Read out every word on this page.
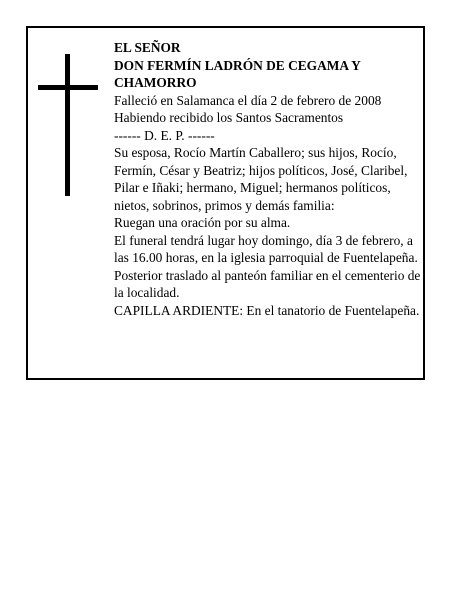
EL SEÑOR

DON FERMÍN LADRÓN DE CEGAMA Y CHAMORRO

Falleció en Salamanca el día 2 de febrero de 2008

Habiendo recibido los Santos Sacramentos

------ D. E. P. ------

Su esposa, Rocío Martín Caballero; sus hijos, Rocío, Fermín, César y Beatriz; hijos políticos, José, Claribel, Pilar e Iñaki; hermano, Miguel; hermanos políticos, nietos, sobrinos, primos y demás familia:

Ruegan una oración por su alma.

El funeral tendrá lugar hoy domingo, día 3 de febrero, a las 16.00 horas, en la iglesia parroquial de Fuentelapeña. Posterior traslado al panteón familiar en el cementerio de la localidad.

CAPILLA ARDIENTE: En el tanatorio de Fuentelapeña.
